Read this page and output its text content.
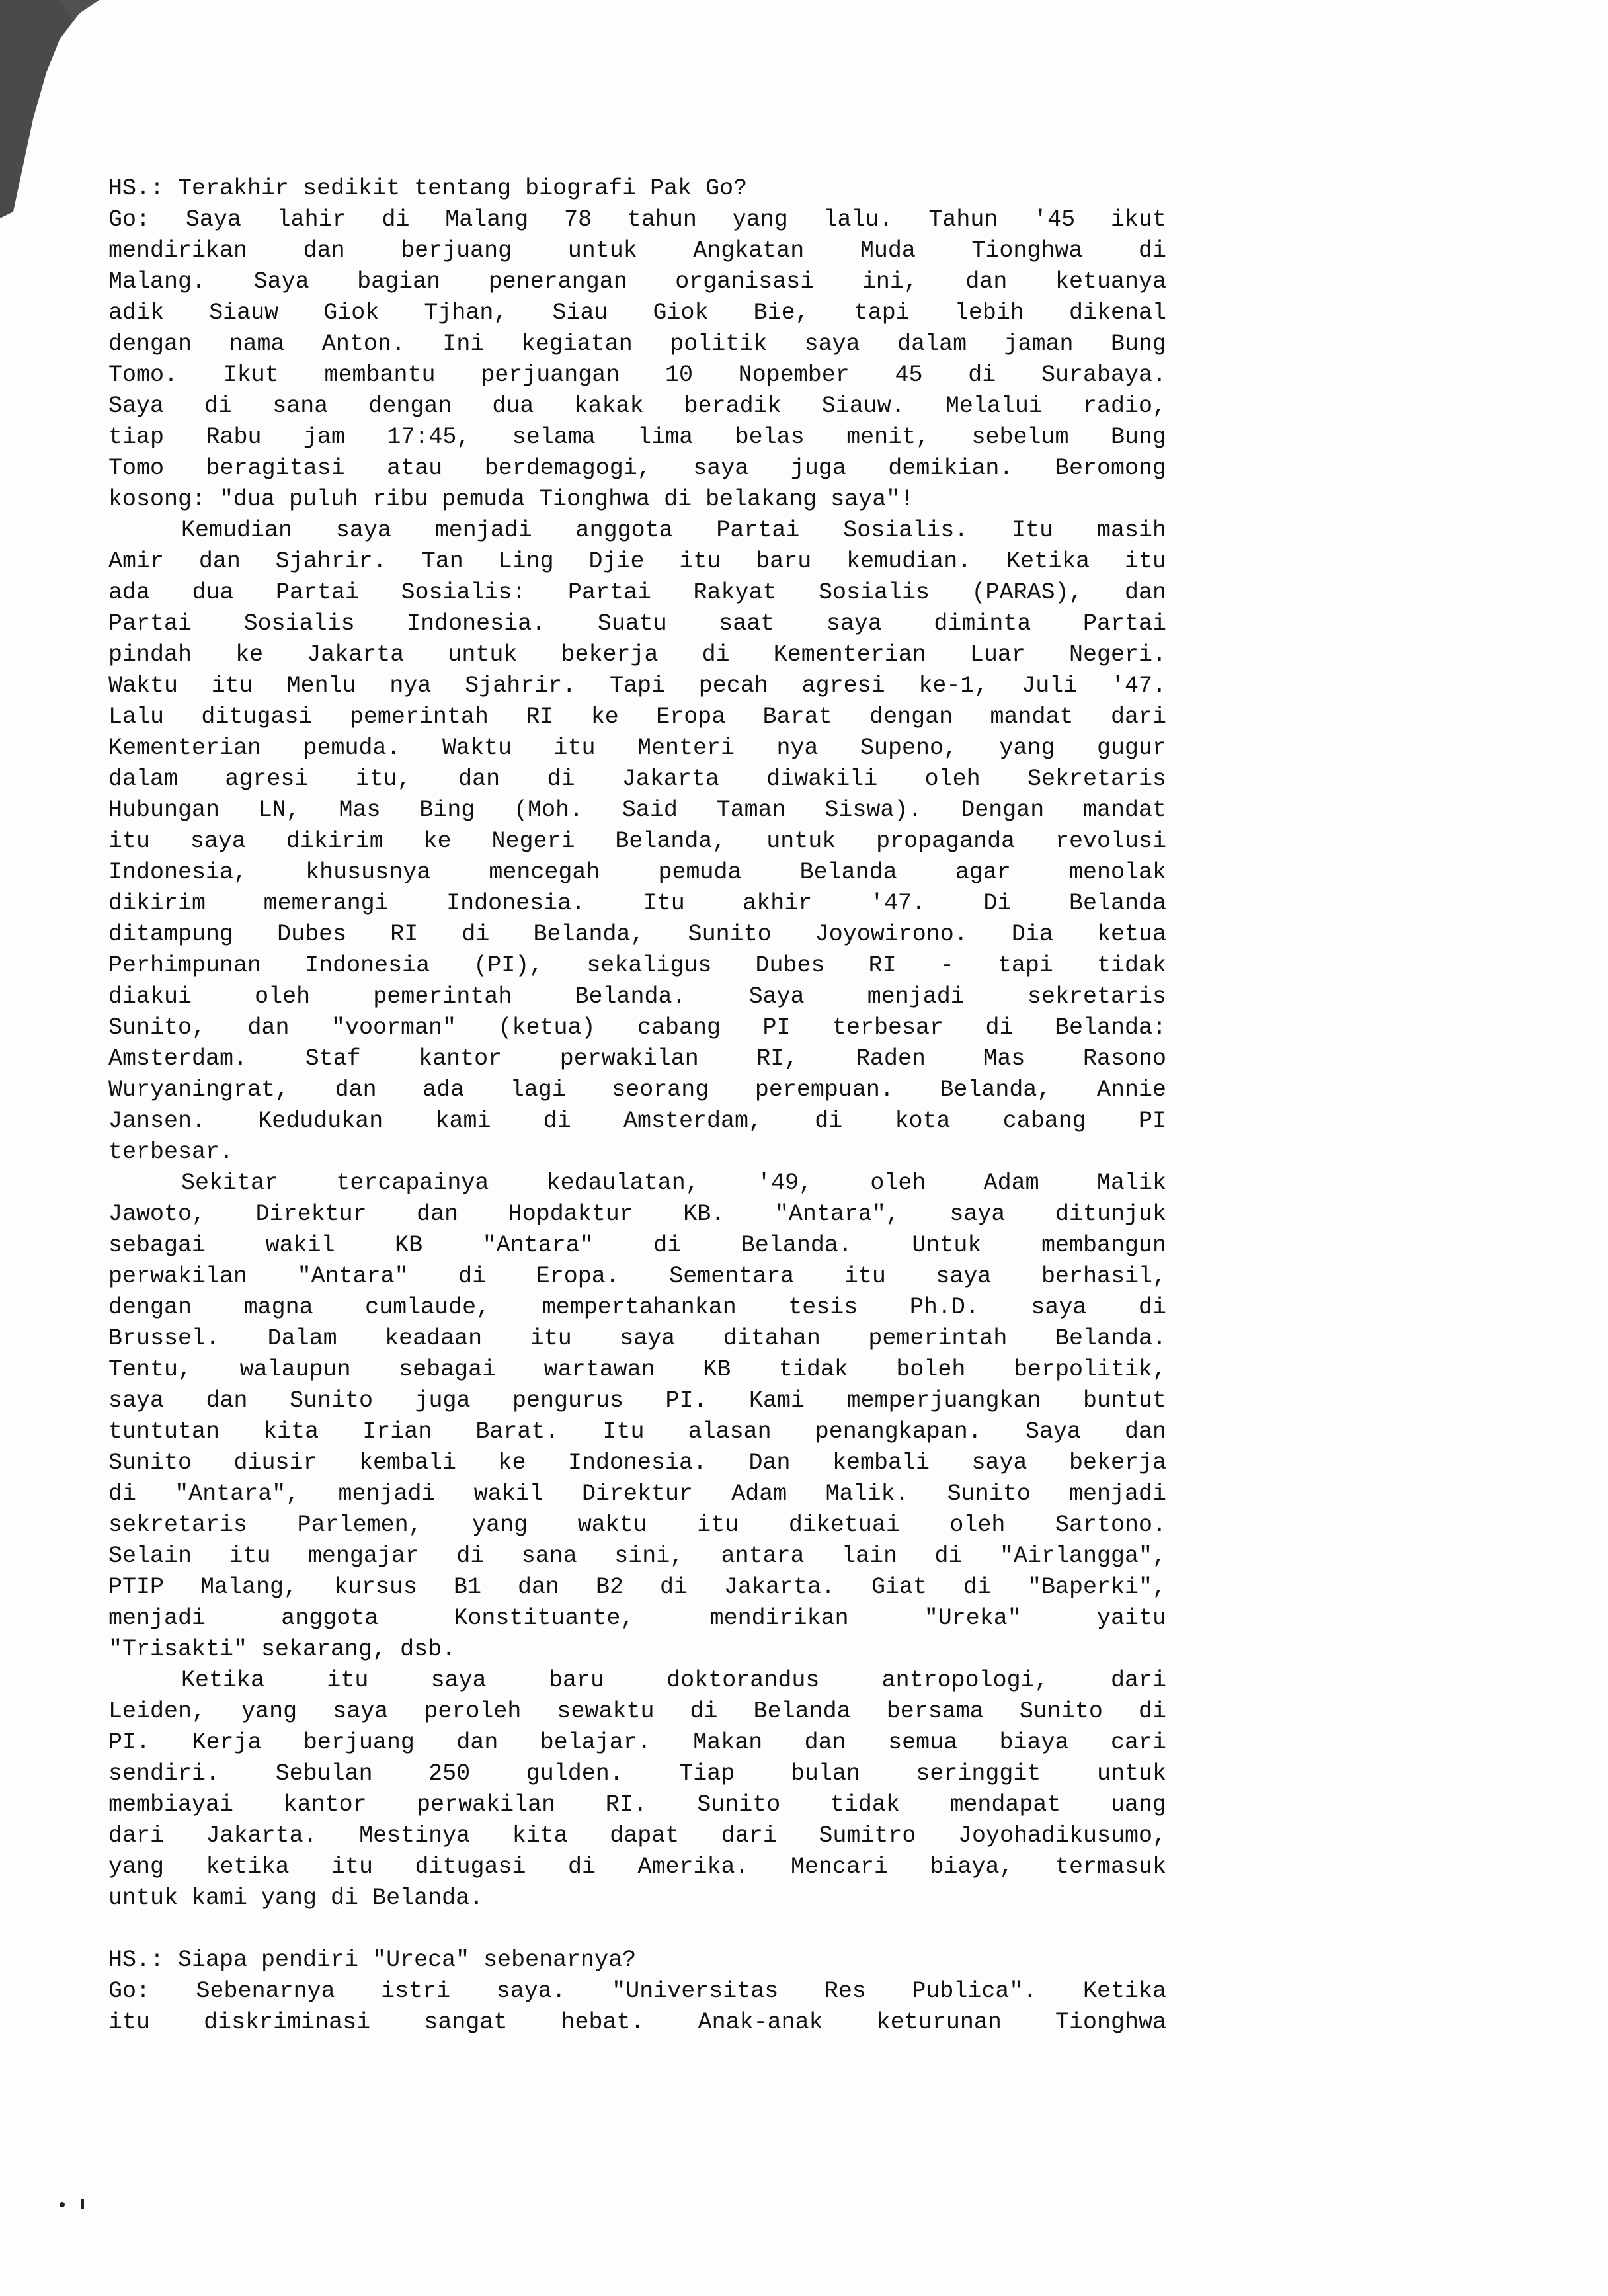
HS.: Terakhir sedikit tentang biografi Pak Go?
Go: Saya lahir di Malang 78 tahun yang lalu. Tahun '45 ikut
mendirikan dan berjuang untuk Angkatan Muda Tionghwa di
Malang. Saya bagian penerangan organisasi ini, dan ketuanya
adik Siauw Giok Tjhan, Siau Giok Bie, tapi lebih dikenal
dengan nama Anton. Ini kegiatan politik saya dalam jaman Bung
Tomo. Ikut membantu perjuangan 10 Nopember 45 di Surabaya.
Saya di sana dengan dua kakak beradik Siauw. Melalui radio,
tiap Rabu jam 17:45, selama lima belas menit, sebelum Bung
Tomo beragitasi atau berdemagogi, saya juga demikian. Beromong
kosong: "dua puluh ribu pemuda Tionghwa di belakang saya"!
Kemudian saya menjadi anggota Partai Sosialis. Itu masih
Amir dan Sjahrir. Tan Ling Djie itu baru kemudian. Ketika itu
ada dua Partai Sosialis: Partai Rakyat Sosialis (PARAS), dan
Partai Sosialis Indonesia. Suatu saat saya diminta Partai
pindah ke Jakarta untuk bekerja di Kementerian Luar Negeri.
Waktu itu Menlu nya Sjahrir. Tapi pecah agresi ke-1, Juli '47.
Lalu ditugasi pemerintah RI ke Eropa Barat dengan mandat dari
Kementerian pemuda. Waktu itu Menteri nya Supeno, yang gugur
dalam agresi itu, dan di Jakarta diwakili oleh Sekretaris
Hubungan LN, Mas Bing (Moh. Said Taman Siswa). Dengan mandat
itu saya dikirim ke Negeri Belanda, untuk propaganda revolusi
Indonesia, khususnya mencegah pemuda Belanda agar menolak
dikirim memerangi Indonesia. Itu akhir '47. Di Belanda
ditampung Dubes RI di Belanda, Sunito Joyowirono. Dia ketua
Perhimpunan Indonesia (PI), sekaligus Dubes RI - tapi tidak
diakui oleh pemerintah Belanda. Saya menjadi sekretaris
Sunito, dan "voorman" (ketua) cabang PI terbesar di Belanda:
Amsterdam. Staf kantor perwakilan RI, Raden Mas Rasono
Wuryaningrat, dan ada lagi seorang perempuan. Belanda, Annie
Jansen. Kedudukan kami di Amsterdam, di kota cabang PI
terbesar.
Sekitar tercapainya kedaulatan, '49, oleh Adam Malik
Jawoto, Direktur dan Hopdaktur KB. "Antara", saya ditunjuk
sebagai wakil KB "Antara" di Belanda. Untuk membangun
perwakilan "Antara" di Eropa. Sementara itu saya berhasil,
dengan magna cumlaude, mempertahankan tesis Ph.D. saya di
Brussel. Dalam keadaan itu saya ditahan pemerintah Belanda.
Tentu, walaupun sebagai wartawan KB tidak boleh berpolitik,
saya dan Sunito juga pengurus PI. Kami memperjuangkan buntut
tuntutan kita Irian Barat. Itu alasan penangkapan. Saya dan
Sunito diusir kembali ke Indonesia. Dan kembali saya bekerja
di "Antara", menjadi wakil Direktur Adam Malik. Sunito menjadi
sekretaris Parlemen, yang waktu itu diketuai oleh Sartono.
Selain itu mengajar di sana sini, antara lain di "Airlangga",
PTIP Malang, kursus B1 dan B2 di Jakarta. Giat di "Baperki",
menjadi anggota Konstituante, mendirikan "Ureka" yaitu
"Trisakti" sekarang, dsb.
Ketika itu saya baru doktorandus antropologi, dari
Leiden, yang saya peroleh sewaktu di Belanda bersama Sunito di
PI. Kerja berjuang dan belajar. Makan dan semua biaya cari
sendiri. Sebulan 250 gulden. Tiap bulan seringgit untuk
membiayai kantor perwakilan RI. Sunito tidak mendapat uang
dari Jakarta. Mestinya kita dapat dari Sumitro Joyohadikusumo,
yang ketika itu ditugasi di Amerika. Mencari biaya, termasuk
untuk kami yang di Belanda.
HS.: Siapa pendiri "Ureca" sebenarnya?
Go: Sebenarnya istri saya. "Universitas Res Publica". Ketika
itu diskriminasi sangat hebat. Anak-anak keturunan Tionghwa
